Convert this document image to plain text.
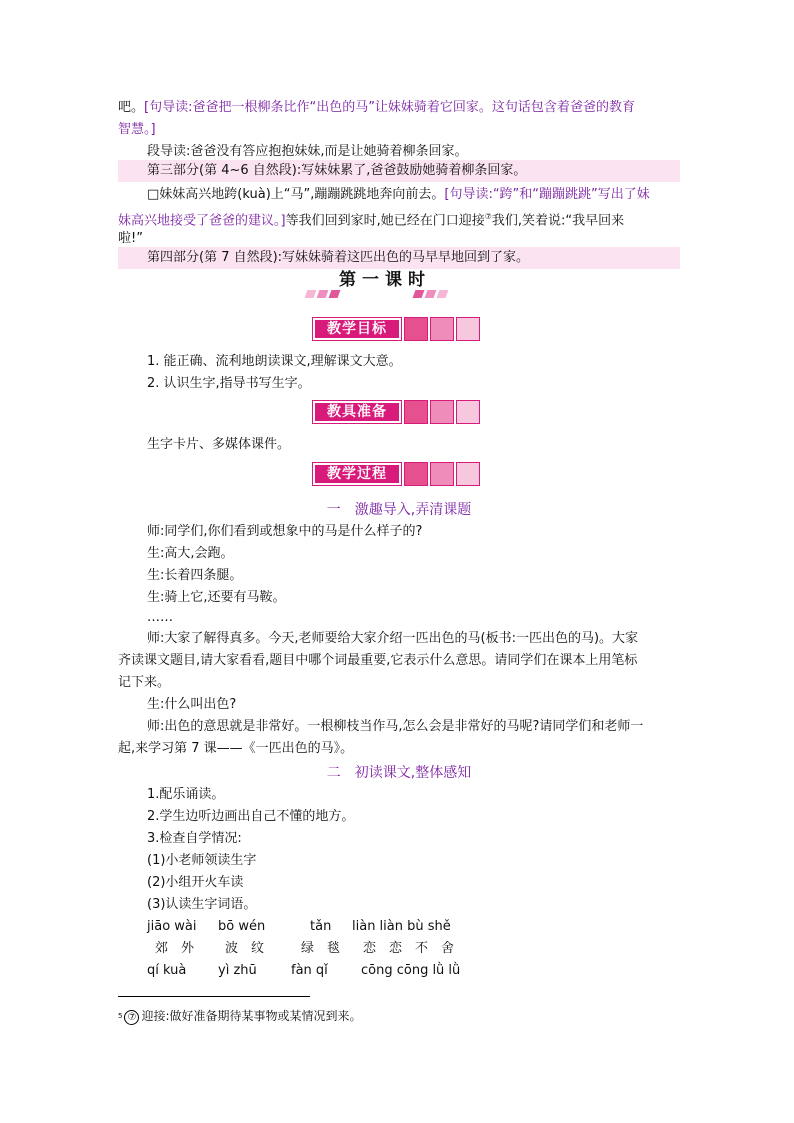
吧。[句导读:爸爸把一根柳条比作“出色的马”让妹妹骑着它回家。这句话包含着爸爸的教育

智慧。]

段导读:爸爸没有答应抱抱妹妹,而是让她骑着柳条回家。

第三部分(第 4~6 自然段):写妹妹累了,爸爸鼓励她骑着柳条回家。

□妹妹高兴地跨(kuà)上“马”,蹦蹦跳跳地奔向前去。[句导读:“跨”和“蹦蹦跳跳”写出了妹

妹高兴地接受了爸爸的建议。]等我们回到家时,她已经在门口迎接⑦我们,笑着说:“我早回来

啦!”

第四部分(第 7 自然段):写妹妹骑着这匹出色的马早早地回到了家。

第一课时
教学目标

1. 能正确、流利地朗读课文,理解课文大意。

2. 认识生字,指导书写生字。

教具准备

生字卡片、多媒体课件。

教学过程
一　激趣导入,弄清课题

师:同学们,你们看到或想象中的马是什么样子的?

生:高大,会跑。

生:长着四条腿。

生:骑上它,还要有马鞍。

……

师:大家了解得真多。今天,老师要给大家介绍一匹出色的马(板书:一匹出色的马)。大家

齐读课文题目,请大家看看,题目中哪个词最重要,它表示什么意思。请同学们在课本上用笔标

记下来。

生:什么叫出色?

师:出色的意思就是非常好。一根柳枝当作马,怎么会是非常好的马呢?请同学们和老师一

起,来学习第 7 课——《一匹出色的马》。

二　初读课文,整体感知

1.配乐诵读。

2.学生边听边画出自己不懂的地方。

3.检查自学情况:

(1)小老师领读生字

(2)小组开火车读

(3)认读生字词语。

jiāo wài bō wén	tǎn liàn liàn bù shě
郊　外 波　纹	绿　毯 恋　恋　不　舍
qí kuà yì zhū	fàn qǐ	cōng cōng lǜ lǜ
$^5$ ⑦ 迎接:做好准备期待某事物或某情况到来。
